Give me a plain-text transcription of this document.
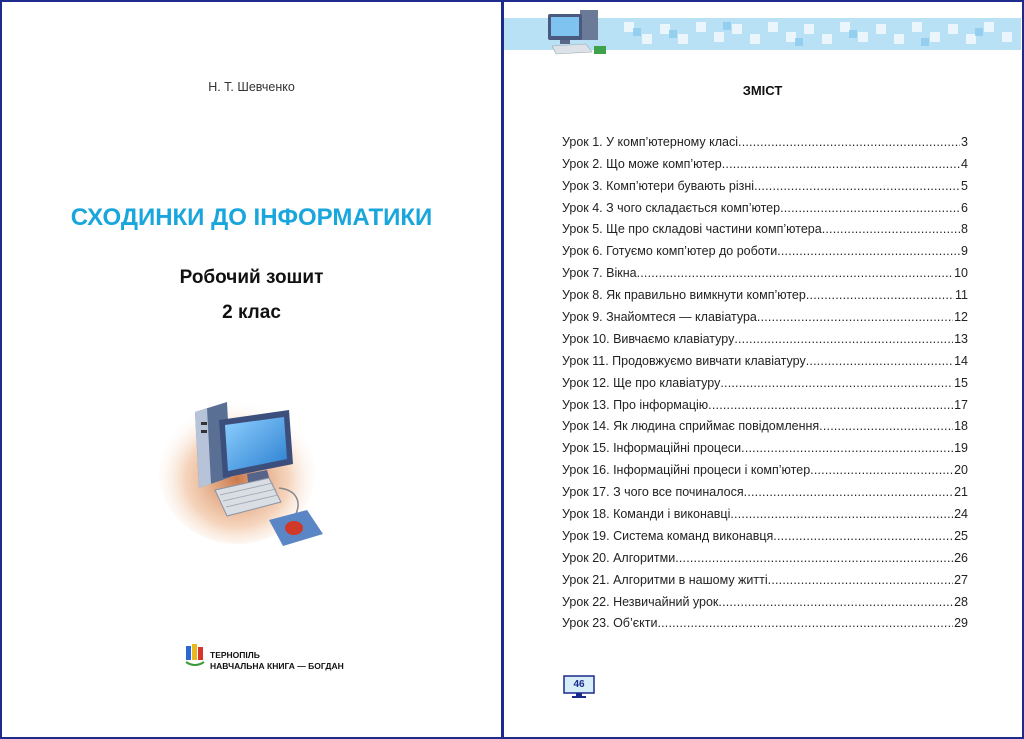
Н. Т. Шевченко
СХОДИНКИ ДО ІНФОРМАТИКИ
Робочий зошит
2 клас
ТЕРНОПІЛЬ
НАВЧАЛЬНА КНИГА — БОГДАН
ЗМІСТ
Урок 1. У комп’ютерному класі .....	3
Урок 2. Що може комп’ютер .....	4
Урок 3. Комп’ютери бувають різні .....	5
Урок 4. З чого складається комп’ютер .....	6
Урок 5. Ще про складові частини комп’ютера .....	8
Урок 6. Готуємо комп’ютер до роботи .....	9
Урок 7. Вікна .....	10
Урок 8. Як правильно вимкнути комп’ютер .....	11
Урок 9. Знайомтеся — клавіатура .....	12
Урок 10. Вивчаємо клавіатуру .....	13
Урок 11. Продовжуємо вивчати клавіатуру .....	14
Урок 12. Ще про клавіатуру .....	15
Урок 13. Про інформацію .....	17
Урок 14. Як людина сприймає повідомлення .....	18
Урок 15. Інформаційні процеси .....	19
Урок 16. Інформаційні процеси і комп’ютер .....	20
Урок 17. З чого все починалося .....	21
Урок 18. Команди і виконавці .....	24
Урок 19. Система команд виконавця .....	25
Урок 20. Алгоритми .....	26
Урок 21. Алгоритми в нашому житті .....	27
Урок 22. Незвичайний урок .....	28
Урок 23. Об’єкти .....	29
46
